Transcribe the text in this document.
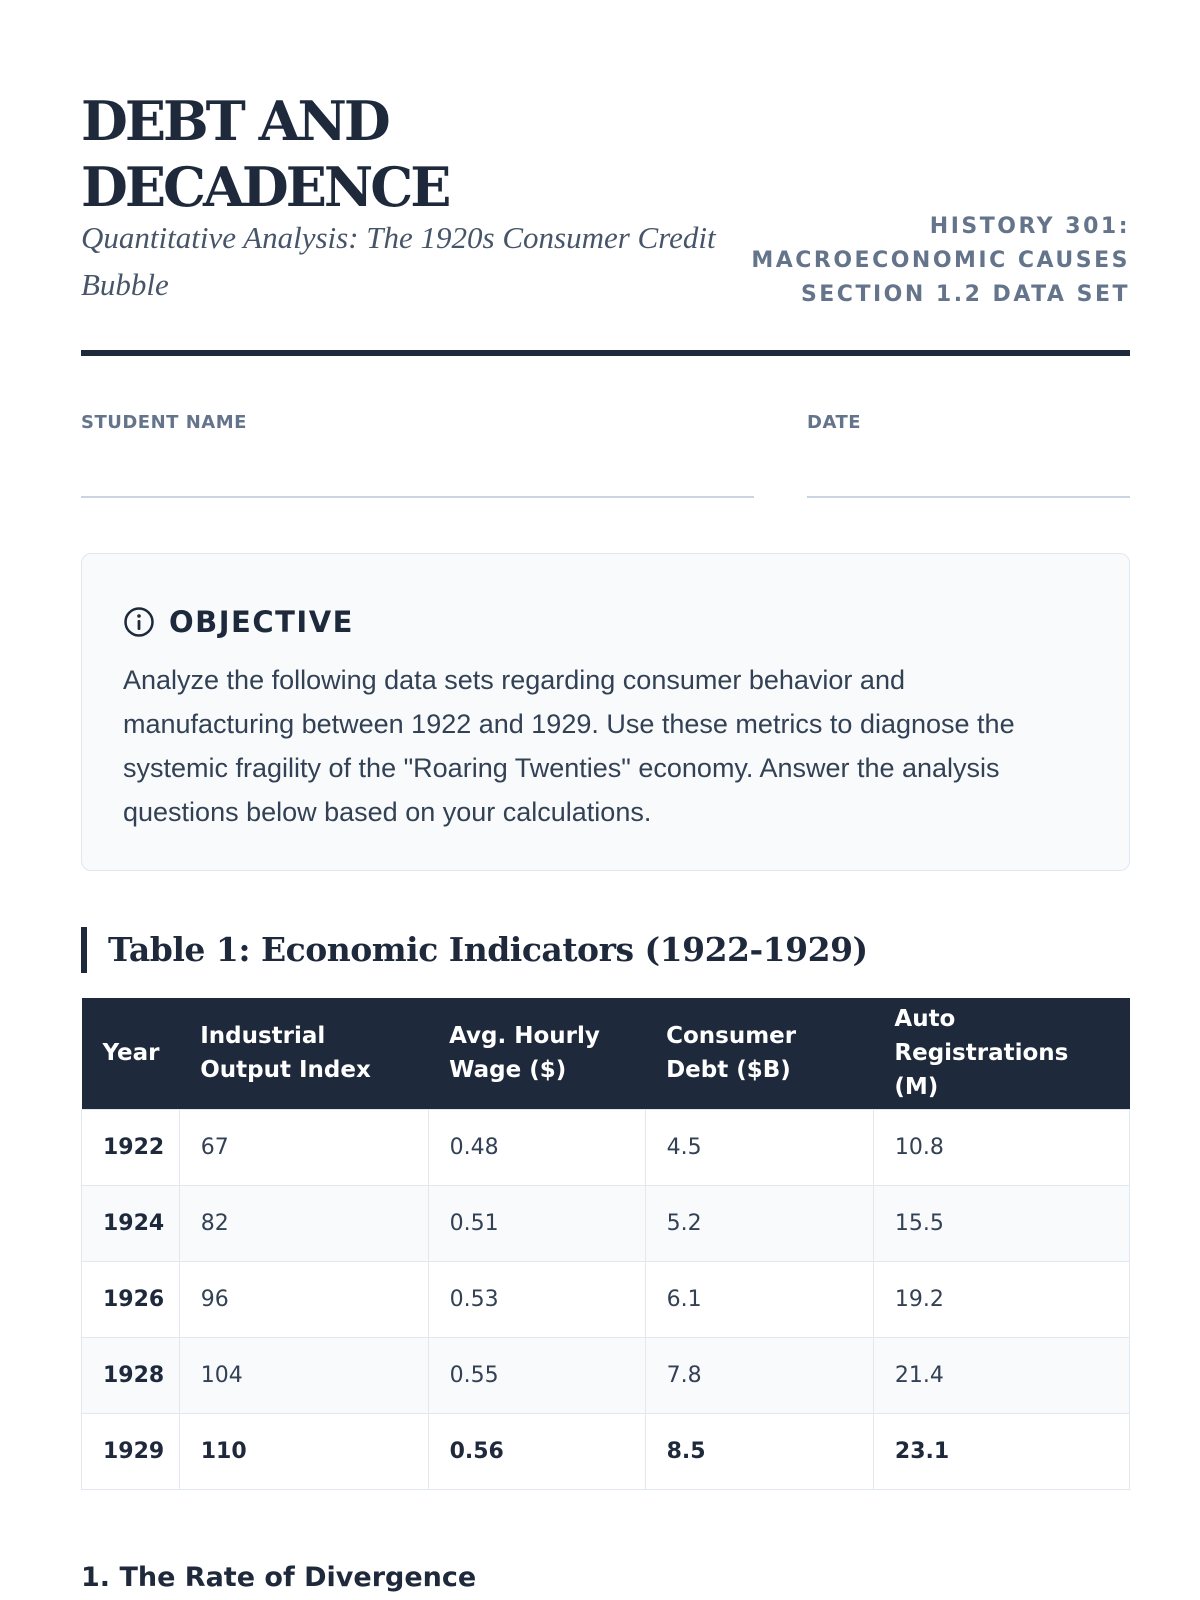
DEBT AND
DECADENCE
Quantitative Analysis: The 1920s Consumer Credit Bubble
HISTORY 301:
MACROECONOMIC CAUSES
SECTION 1.2 DATA SET
STUDENT NAME	DATE
OBJECTIVE

Analyze the following data sets regarding consumer behavior and manufacturing between 1922 and 1929. Use these metrics to diagnose the systemic fragility of the "Roaring Twenties" economy. Answer the analysis questions below based on your calculations.

Table 1: Economic Indicators (1922-1929)
Year	Industrial Output Index	Avg. Hourly Wage ($)	Consumer Debt ($B)	Auto Registrations (M)
1922	67	0.48	4.5	10.8
1924	82	0.51	5.2	15.5
1926	96	0.53	6.1	19.2
1928	104	0.55	7.8	21.4
1929	110	0.56	8.5	23.1
1. The Rate of Divergence
